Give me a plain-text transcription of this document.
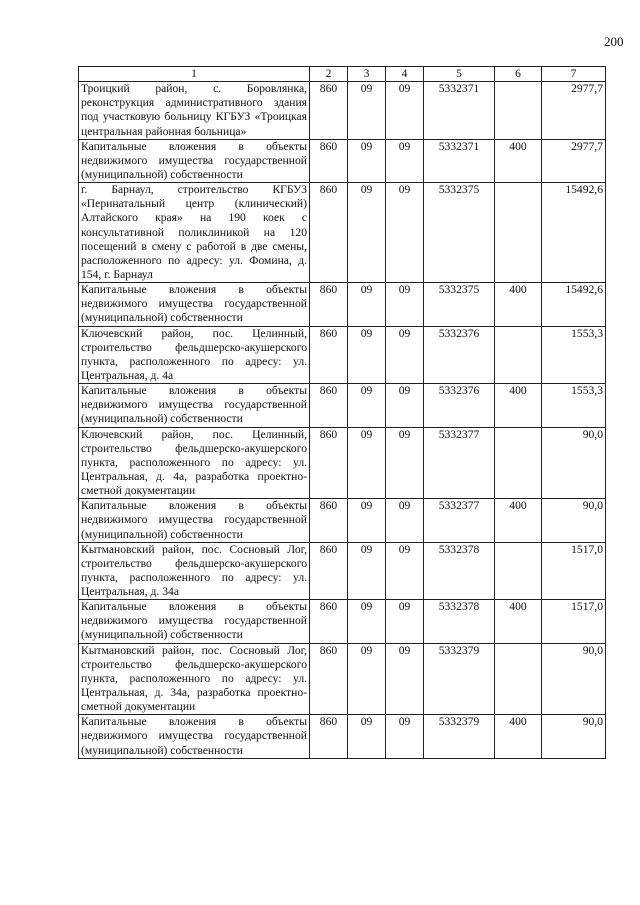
200
1	2	3	4	5	6	7
Троицкий район, с. Боровлянка, реконструкция административного здания под участковую больницу КГБУЗ «Троицкая центральная районная больница»	860	09	09	5332371		2977,7
Капитальные вложения в объекты недвижимого имущества государственной (муниципальной) собственности	860	09	09	5332371	400	2977,7
г. Барнаул, строительство КГБУЗ «Перинатальный центр (клинический) Алтайского края» на 190 коек с консультативной поликлиникой на 120 посещений в смену с работой в две смены, расположенного по адресу: ул. Фомина, д. 154, г. Барнаул	860	09	09	5332375		15492,6
Капитальные вложения в объекты недвижимого имущества государственной (муниципальной) собственности	860	09	09	5332375	400	15492,6
Ключевский район, пос. Целинный, строительство фельдшерско-акушерского пункта, расположенного по адресу: ул. Центральная, д. 4а	860	09	09	5332376		1553,3
Капитальные вложения в объекты недвижимого имущества государственной (муниципальной) собственности	860	09	09	5332376	400	1553,3
Ключевский район, пос. Целинный, строительство фельдшерско-акушерского пункта, расположенного по адресу: ул. Центральная, д. 4а, разработка проектно-сметной документации	860	09	09	5332377		90,0
Капитальные вложения в объекты недвижимого имущества государственной (муниципальной) собственности	860	09	09	5332377	400	90,0
Кытмановский район, пос. Сосновый Лог, строительство фельдшерско-акушерского пункта, расположенного по адресу: ул. Центральная, д. 34а	860	09	09	5332378		1517,0
Капитальные вложения в объекты недвижимого имущества государственной (муниципальной) собственности	860	09	09	5332378	400	1517,0
Кытмановский район, пос. Сосновый Лог, строительство фельдшерско-акушерского пункта, расположенного по адресу: ул. Центральная, д. 34а, разработка проектно-сметной документации	860	09	09	5332379		90,0
Капитальные вложения в объекты недвижимого имущества государственной (муниципальной) собственности	860	09	09	5332379	400	90,0
